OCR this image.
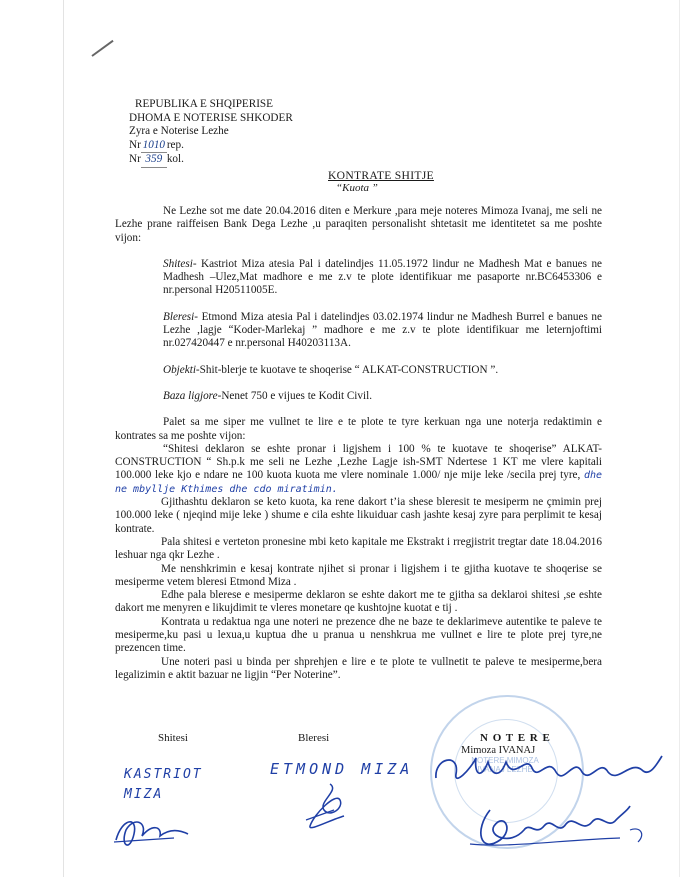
REPUBLIKA E SHQIPERISE
DHOMA E NOTERISE SHKODER
Zyra e Noterise Lezhe
Nr 1010 rep.
Nr 359 kol.
KONTRATE SHITJE
“Kuota ”

Ne Lezhe sot me date 20.04.2016 diten e Merkure ,para meje noteres Mimoza Ivanaj, me seli ne Lezhe prane raiffeisen Bank Dega Lezhe ,u paraqiten personalisht shtetasit me identitetet sa me poshte vijon:

Shitesi- Kastriot Miza atesia Pal i datelindjes 11.05.1972 lindur ne Madhesh Mat e banues ne Madhesh –Ulez,Mat madhore e me z.v te plote identifikuar me pasaporte nr.BC6453306 e nr.personal H20511005E.

Bleresi- Etmond Miza atesia Pal i datelindjes 03.02.1974 lindur ne Madhesh Burrel e banues ne Lezhe ,lagje “Koder-Marlekaj ” madhore e me z.v te plote identifikuar me leternjoftimi nr.027420447 e nr.personal H40203113A.

Objekti-Shit-blerje te kuotave te shoqerise “ ALKAT-CONSTRUCTION ”.

Baza ligjore-Nenet 750 e vijues te Kodit Civil.

Palet sa me siper me vullnet te lire e te plote te tyre kerkuan nga une noterja redaktimin e kontrates sa me poshte vijon:

“Shitesi deklaron se eshte pronar i ligjshem i 100 % te kuotave te shoqerise” ALKAT-CONSTRUCTION “ Sh.p.k me seli ne Lezhe ,Lezhe Lagje ish-SMT Ndertese 1 KT me vlere kapitali 100.000 leke kjo e ndare ne 100 kuota kuota me vlere nominale 1.000/ nje mije leke /secila prej tyre, dhe ne mbyllje Kthimes dhe cdo miratimin.

Gjithashtu deklaron se keto kuota, ka rene dakort t’ia shese bleresit te mesiperm ne çmimin prej 100.000 leke ( njeqind mije leke ) shume e cila eshte likuiduar cash jashte kesaj zyre para perplimit te kesaj kontrate.

Pala shitesi e verteton pronesine mbi keto kapitale me Ekstrakt i rregjistrit tregtar date 18.04.2016 leshuar nga qkr Lezhe .

Me nenshkrimin e kesaj kontrate njihet si pronar i ligjshem i te gjitha kuotave te shoqerise se mesiperme vetem bleresi Etmond Miza .

Edhe pala blerese e mesiperme deklaron se eshte dakort me te gjitha sa deklaroi shitesi ,se eshte dakort me menyren e likujdimit te vleres monetare qe kushtojne kuotat e tij .

Kontrata u redaktua nga une noteri ne prezence dhe ne baze te deklarimeve autentike te paleve te mesiperme,ku pasi u lexua,u kuptua dhe u pranua u nenshkrua me vullnet e lire te plote prej tyre,ne prezencen time.

Une noteri pasi u binda per shprehjen e lire e te plote te vullnetit te paleve te mesiperme,bera legalizimin e aktit bazuar ne ligjin “Per Noterine”.

NOTERE MIMOZA IVANAJ LEZHE
Shitesi	Bleresi	N O T E R E
Mimoza IVANAJ
KASTRIOT
MIZA
ETMOND MIZA
